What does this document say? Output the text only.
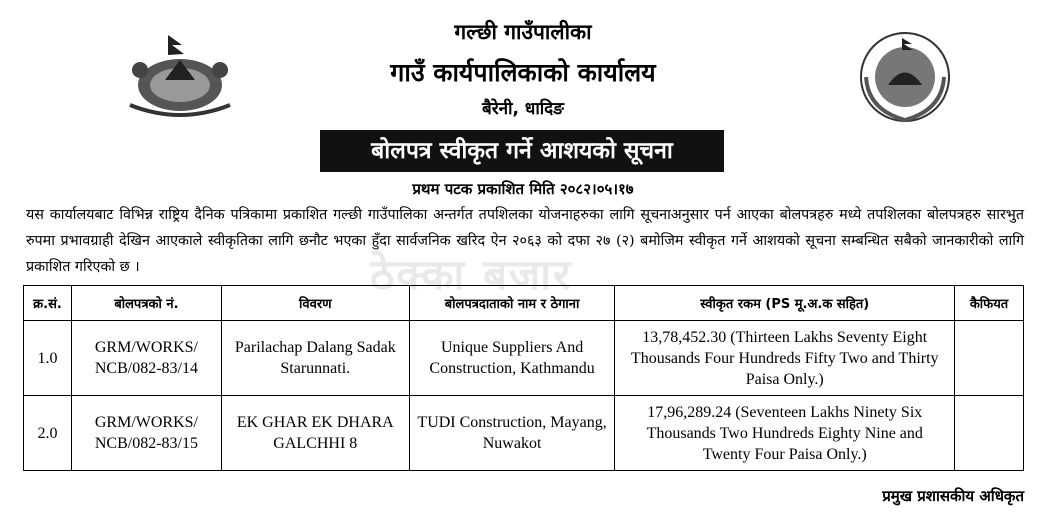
गल्छी गाउँपालीका
गाउँ कार्यपालिकाको कार्यालय
बैरेनी, धादिङ
बोलपत्र स्वीकृत गर्ने आशयको सूचना
प्रथम पटक प्रकाशित मिति २०८२।०५।१७
यस कार्यालयबाट विभिन्न राष्ट्रिय दैनिक पत्रिकामा प्रकाशित गल्छी गाउँपालिका अन्तर्गत तपशिलका योजनाहरुका लागि सूचनाअनुसार पर्न आएका बोलपत्रहरु मध्ये तपशिलका बोलपत्रहरु सारभुत रुपमा प्रभावग्राही देखिन आएकाले स्वीकृतिका लागि छनौट भएका हुँदा सार्वजनिक खरिद ऐन २०६३ को दफा २७ (२) बमोजिम स्वीकृत गर्ने आशयको सूचना सम्बन्धित सबैको जानकारीको लागि प्रकाशित गरिएको छ ।	ठेक्का बजार
क्र.सं.	बोलपत्रको नं.	विवरण	बोलपत्रदाताको नाम र ठेगाना	स्वीकृत रकम (PS मू.अ.क सहित)	कैफियत
1.0	GRM/WORKS/ NCB/082-83/14	Parilachap Dalang Sadak Starunnati.	Unique Suppliers And Construction, Kathmandu	13,78,452.30 (Thirteen Lakhs Seventy Eight Thousands Four Hundreds Fifty Two and Thirty Paisa Only.)	
2.0	GRM/WORKS/ NCB/082-83/15	EK GHAR EK DHARA GALCHHI 8	TUDI Construction, Mayang, Nuwakot	17,96,289.24 (Seventeen Lakhs Ninety Six Thousands Two Hundreds Eighty Nine and Twenty Four Paisa Only.)	
प्रमुख प्रशासकीय अधिकृत
